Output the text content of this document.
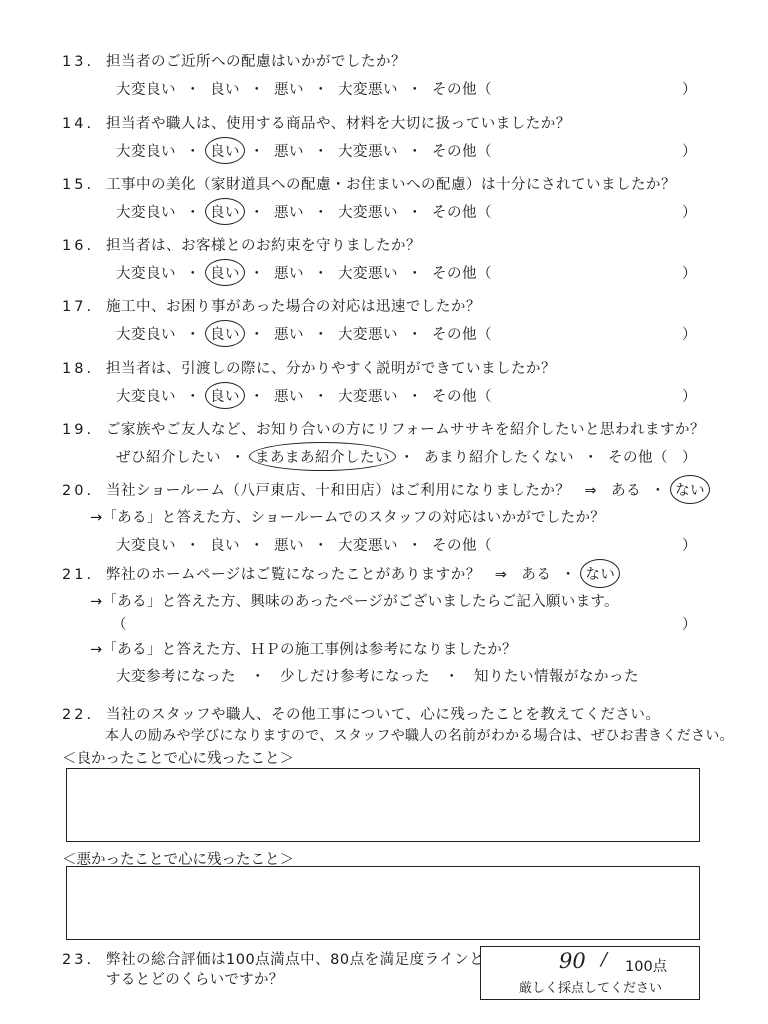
13. 担当者のご近所への配慮はいかがでしたか？
大変良い ・ 良い ・ 悪い ・ 大変悪い ・ その他（	）
14. 担当者や職人は、使用する商品や、材料を大切に扱っていましたか？
大変良い ・ 良い ・ 悪い ・ 大変悪い ・ その他（	）
15. 工事中の美化（家財道具への配慮・お住まいへの配慮）は十分にされていましたか？
大変良い ・ 良い ・ 悪い ・ 大変悪い ・ その他（	）
16. 担当者は、お客様とのお約束を守りましたか？
大変良い ・ 良い ・ 悪い ・ 大変悪い ・ その他（	）
17. 施工中、お困り事があった場合の対応は迅速でしたか？
大変良い ・ 良い ・ 悪い ・ 大変悪い ・ その他（	）
18. 担当者は、引渡しの際に、分かりやすく説明ができていましたか？
大変良い ・ 良い ・ 悪い ・ 大変悪い ・ その他（	）
19. ご家族やご友人など、お知り合いの方にリフォームササキを紹介したいと思われますか？
ぜひ紹介したい ・ まあまあ紹介したい ・ あまり紹介したくない ・ その他（ ）
20. 当社ショールーム（八戸東店、十和田店）はご利用になりましたか？ ⇒ ある ・ ない
→「ある」と答えた方、ショールームでのスタッフの対応はいかがでしたか？
大変良い ・ 良い ・ 悪い ・ 大変悪い ・ その他（	）
21. 弊社のホームページはご覧になったことがありますか？ ⇒ ある ・ ない
→「ある」と答えた方、興味のあったページがございましたらご記入願います。
（	）
→「ある」と答えた方、ＨＰの施工事例は参考になりましたか？
大変参考になった ・ 少しだけ参考になった ・ 知りたい情報がなかった
22. 当社のスタッフや職人、その他工事について、心に残ったことを教えてください。
本人の励みや学びになりますので、スタッフや職人の名前がわかる場合は、ぜひお書きください。
＜良かったことで心に残ったこと＞
＜悪かったことで心に残ったこと＞
23. 弊社の総合評価は100点満点中、80点を満足度ラインと
するとどのくらいですか？
90 / 100点
厳しく採点してください
